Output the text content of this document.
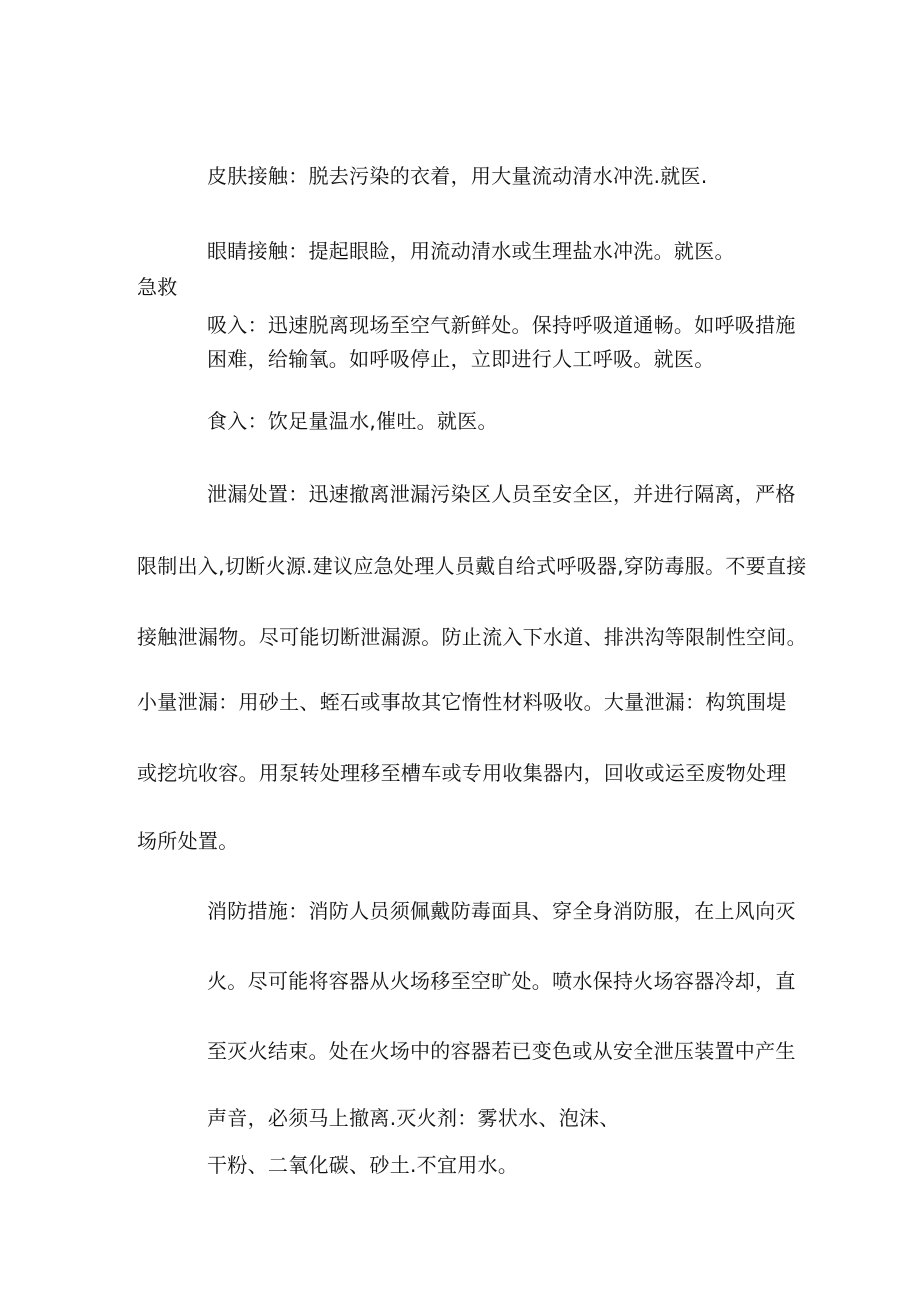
皮肤接触：脱去污染的衣着，用大量流动清水冲洗.就医.
眼睛接触：提起眼睑，用流动清水或生理盐水冲洗。就医。
急救
吸入：迅速脱离现场至空气新鲜处。保持呼吸道通畅。如呼吸措施
困难，给输氧。如呼吸停止，立即进行人工呼吸。就医。
食入：饮足量温水,催吐。就医。
泄漏处置：迅速撤离泄漏污染区人员至安全区，并进行隔离，严格
限制出入,切断火源.建议应急处理人员戴自给式呼吸器,穿防毒服。不要直接
接触泄漏物。尽可能切断泄漏源。防止流入下水道、排洪沟等限制性空间。
小量泄漏：用砂土、蛭石或事故其它惰性材料吸收。大量泄漏：构筑围堤
或挖坑收容。用泵转处理移至槽车或专用收集器内，回收或运至废物处理
场所处置。
消防措施：消防人员须佩戴防毒面具、穿全身消防服，在上风向灭
火。尽可能将容器从火场移至空旷处。喷水保持火场容器冷却，直
至灭火结束。处在火场中的容器若已变色或从安全泄压装置中产生
声音，必须马上撤离.灭火剂：雾状水、泡沫、
干粉、二氧化碳、砂土.不宜用水。
